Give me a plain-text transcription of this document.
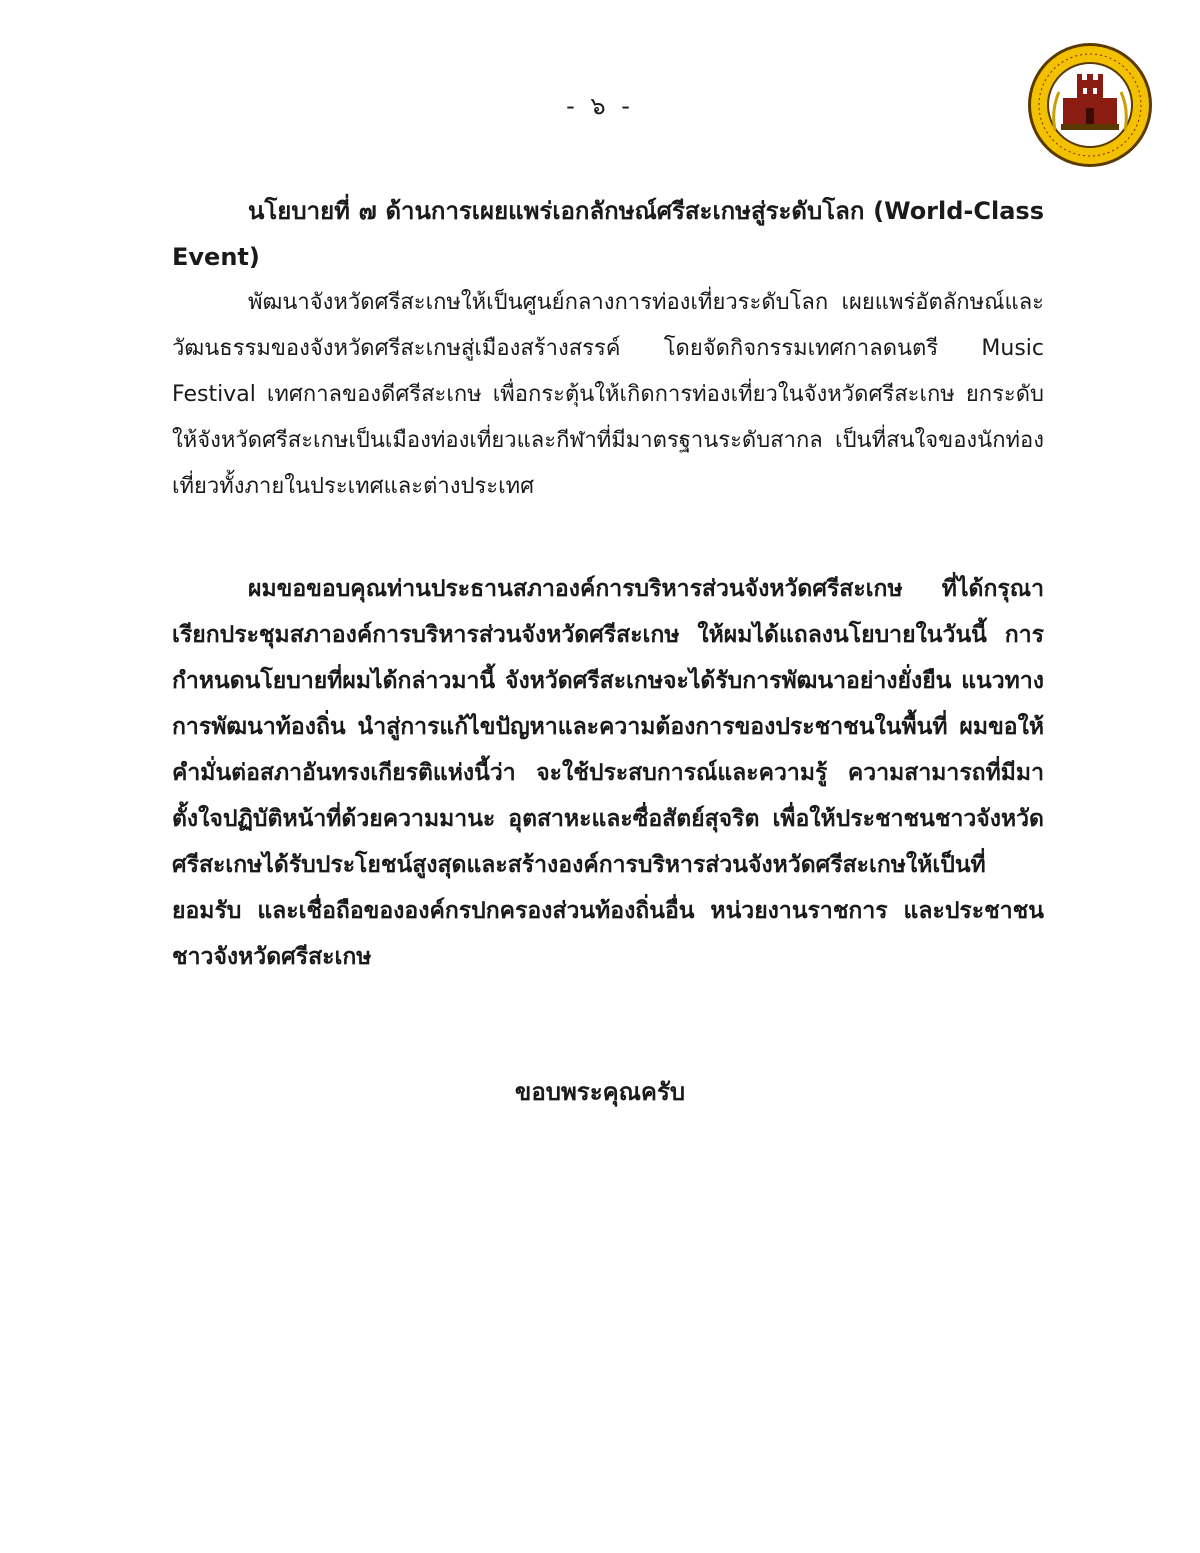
- ๖ -

นโยบายที่ ๗ ด้านการเผยแพร่เอกลักษณ์ศรีสะเกษสู่ระดับโลก (World-Class Event)

พัฒนาจังหวัดศรีสะเกษให้เป็นศูนย์กลางการท่องเที่ยวระดับโลก เผยแพร่อัตลักษณ์และวัฒนธรรมของจังหวัดศรีสะเกษสู่เมืองสร้างสรรค์ โดยจัดกิจกรรมเทศกาลดนตรี Music Festival เทศกาลของดีศรีสะเกษ เพื่อกระตุ้นให้เกิดการท่องเที่ยวในจังหวัดศรีสะเกษ ยกระดับให้จังหวัดศรีสะเกษเป็นเมืองท่องเที่ยวและกีฬาที่มีมาตรฐานระดับสากล เป็นที่สนใจของนักท่องเที่ยวทั้งภายในประเทศและต่างประเทศ

ผมขอขอบคุณท่านประธานสภาองค์การบริหารส่วนจังหวัดศรีสะเกษ ที่ได้กรุณาเรียกประชุมสภาองค์การบริหารส่วนจังหวัดศรีสะเกษ ให้ผมได้แถลงนโยบายในวันนี้ การกำหนดนโยบายที่ผมได้กล่าวมานี้ จังหวัดศรีสะเกษจะได้รับการพัฒนาอย่างยั่งยืน แนวทางการพัฒนาท้องถิ่น นำสู่การแก้ไขปัญหาและความต้องการของประชาชนในพื้นที่ ผมขอให้คำมั่นต่อสภาอันทรงเกียรติแห่งนี้ว่า จะใช้ประสบการณ์และความรู้ ความสามารถที่มีมา ตั้งใจปฏิบัติหน้าที่ด้วยความมานะ อุตสาหะและซื่อสัตย์สุจริต เพื่อให้ประชาชนชาวจังหวัดศรีสะเกษได้รับประโยชน์สูงสุดและสร้างองค์การบริหารส่วนจังหวัดศรีสะเกษให้เป็นที่ยอมรับ และเชื่อถือขององค์กรปกครองส่วนท้องถิ่นอื่น หน่วยงานราชการ และประชาชนชาวจังหวัดศรีสะเกษ

ขอบพระคุณครับ
